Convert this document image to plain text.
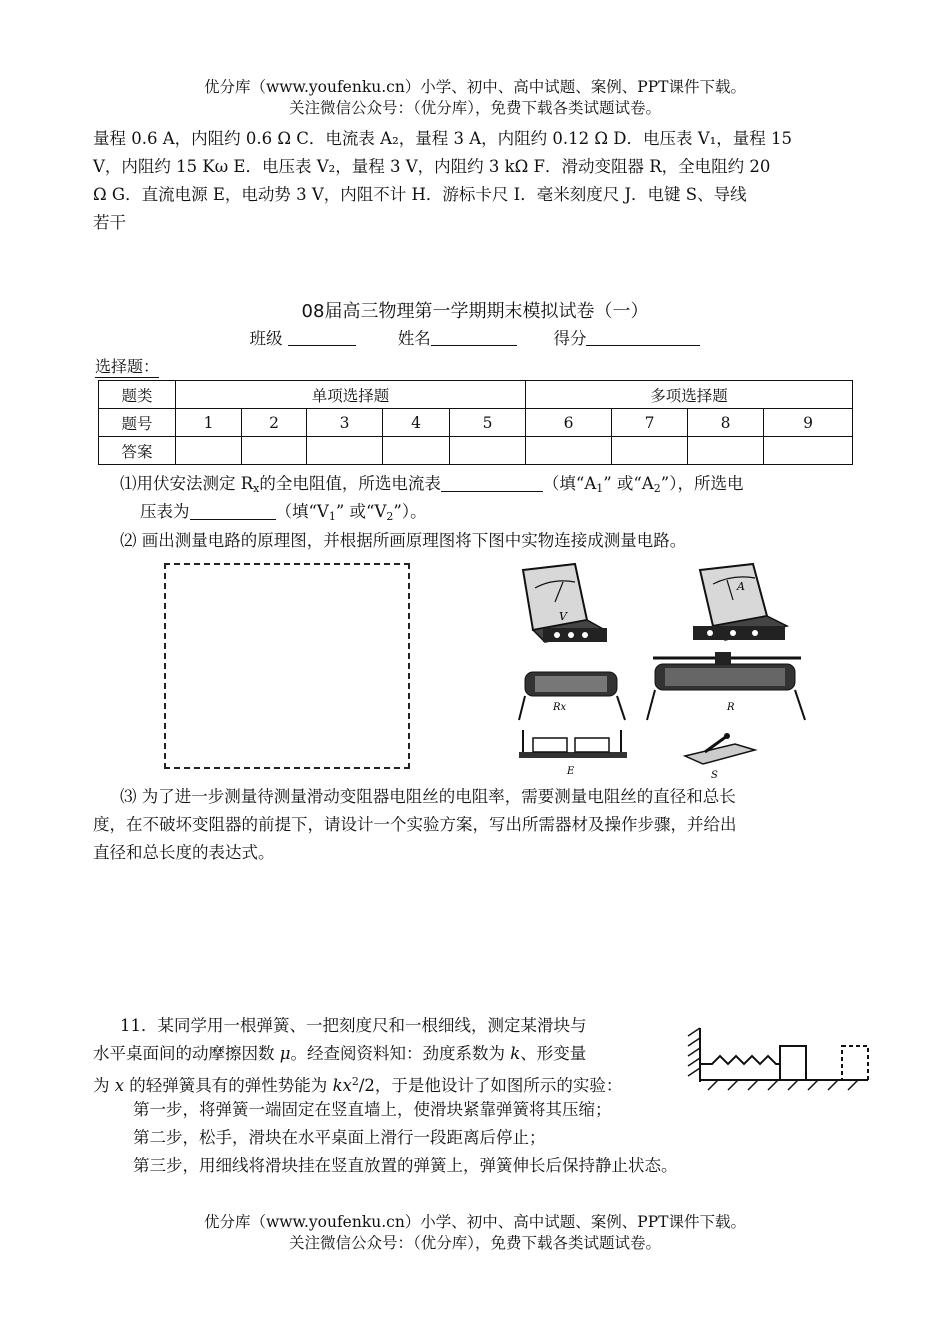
优分库（www.youfenku.cn）小学、初中、高中试题、案例、PPT课件下载。
关注微信公众号：（优分库），免费下载各类试题试卷。
量程 0.6 A，内阻约 0.6 Ω C．电流表 A₂，量程 3 A，内阻约 0.12 Ω D．电压表 V₁，量程 15
V，内阻约 15 Kω E．电压表 V₂，量程 3 V，内阻约 3 kΩ F．滑动变阻器 R，全电阻约 20
Ω G．直流电源 E，电动势 3 V，内阻不计 H．游标卡尺 I．毫米刻度尺 J．电键 S、导线
若干
08届高三物理第一学期期末模拟试卷（一）
班级	姓名	得分
选择题：
题类	单项选择题					多项选择题			
题号	1	2	3	4	5	6	7	8	9
答案									
⑴用伏安法测定 $R_x$的全电阻值，所选电流表	（填“$A_1$” 或“$A_2$”），所选电
压表为	（填“$V_1$” 或“$V_2$”）。
⑵ 画出测量电路的原理图，并根据所画原理图将下图中实物连接成测量电路。
V
A
Rx	R
E	S
⑶ 为了进一步测量待测量滑动变阻器电阻丝的电阻率，需要测量电阻丝的直径和总长
度，在不破坏变阻器的前提下，请设计一个实验方案，写出所需器材及操作步骤，并给出
直径和总长度的表达式。
11．某同学用一根弹簧、一把刻度尺和一根细线，测定某滑块与
水平桌面间的动摩擦因数 μ。经查阅资料知：劲度系数为 k、形变量
为 x 的轻弹簧具有的弹性势能为 $kx^2/2$，于是他设计了如图所示的实验：
第一步，将弹簧一端固定在竖直墙上，使滑块紧靠弹簧将其压缩；
第二步，松手，滑块在水平桌面上滑行一段距离后停止；
第三步，用细线将滑块挂在竖直放置的弹簧上，弹簧伸长后保持静止状态。
优分库（www.youfenku.cn）小学、初中、高中试题、案例、PPT课件下载。
关注微信公众号：（优分库），免费下载各类试题试卷。
